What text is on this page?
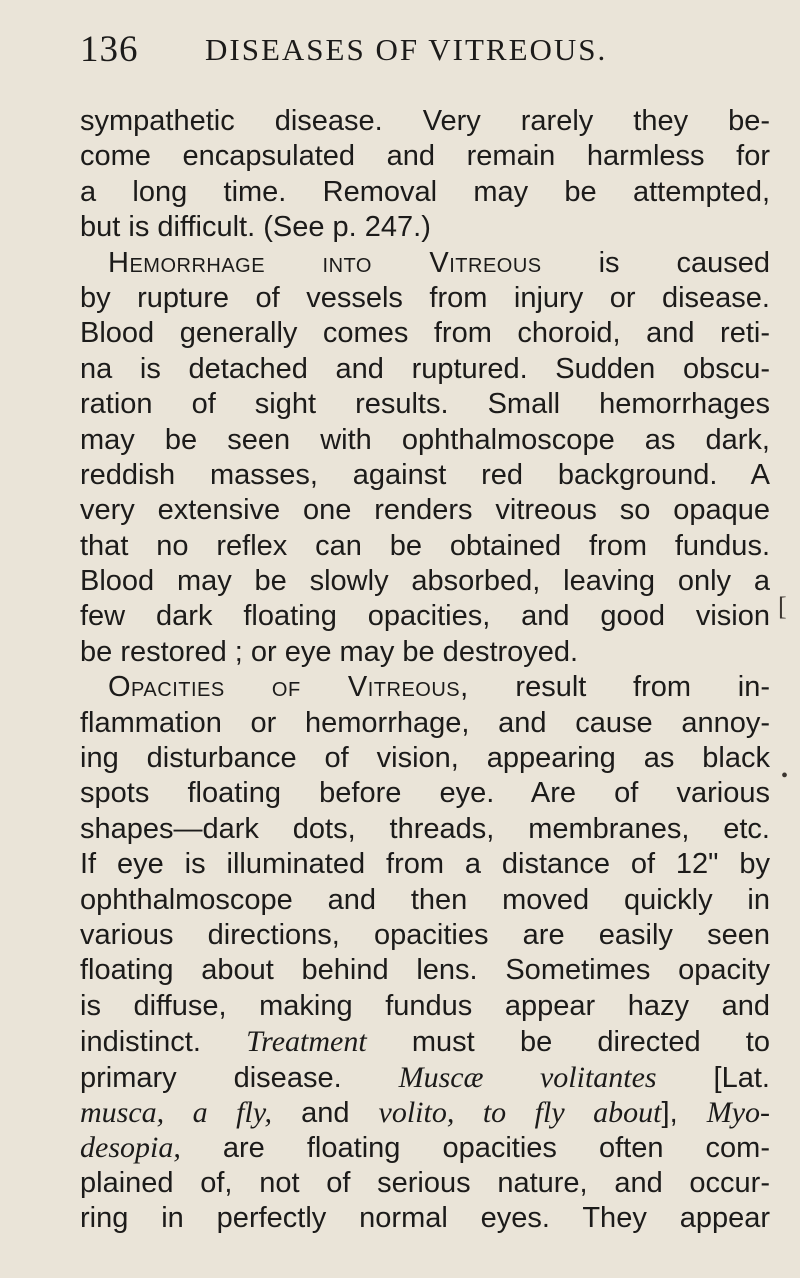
136 DISEASES OF VITREOUS.
sympathetic disease. Very rarely they be-
come encapsulated and remain harmless for
a long time. Removal may be attempted,
but is difficult. (See p. 247.)
Hemorrhage into Vitreous is caused
by rupture of vessels from injury or disease.
Blood generally comes from choroid, and reti-
na is detached and ruptured. Sudden obscu-
ration of sight results. Small hemorrhages
may be seen with ophthalmoscope as dark,
reddish masses, against red background. A
very extensive one renders vitreous so opaque
that no reflex can be obtained from fundus.
Blood may be slowly absorbed, leaving only a
few dark floating opacities, and good vision
be restored ; or eye may be destroyed.
Opacities of Vitreous, result from in-
flammation or hemorrhage, and cause annoy-
ing disturbance of vision, appearing as black
spots floating before eye. Are of various
shapes—dark dots, threads, membranes, etc.
If eye is illuminated from a distance of 12" by
ophthalmoscope and then moved quickly in
various directions, opacities are easily seen
floating about behind lens. Sometimes opacity
is diffuse, making fundus appear hazy and
indistinct. Treatment must be directed to
primary disease. Muscæ volitantes [Lat.
musca, a fly, and volito, to fly about], Myo-
desopia, are floating opacities often com-
plained of, not of serious nature, and occur-
ring in perfectly normal eyes. They appear
[
•
